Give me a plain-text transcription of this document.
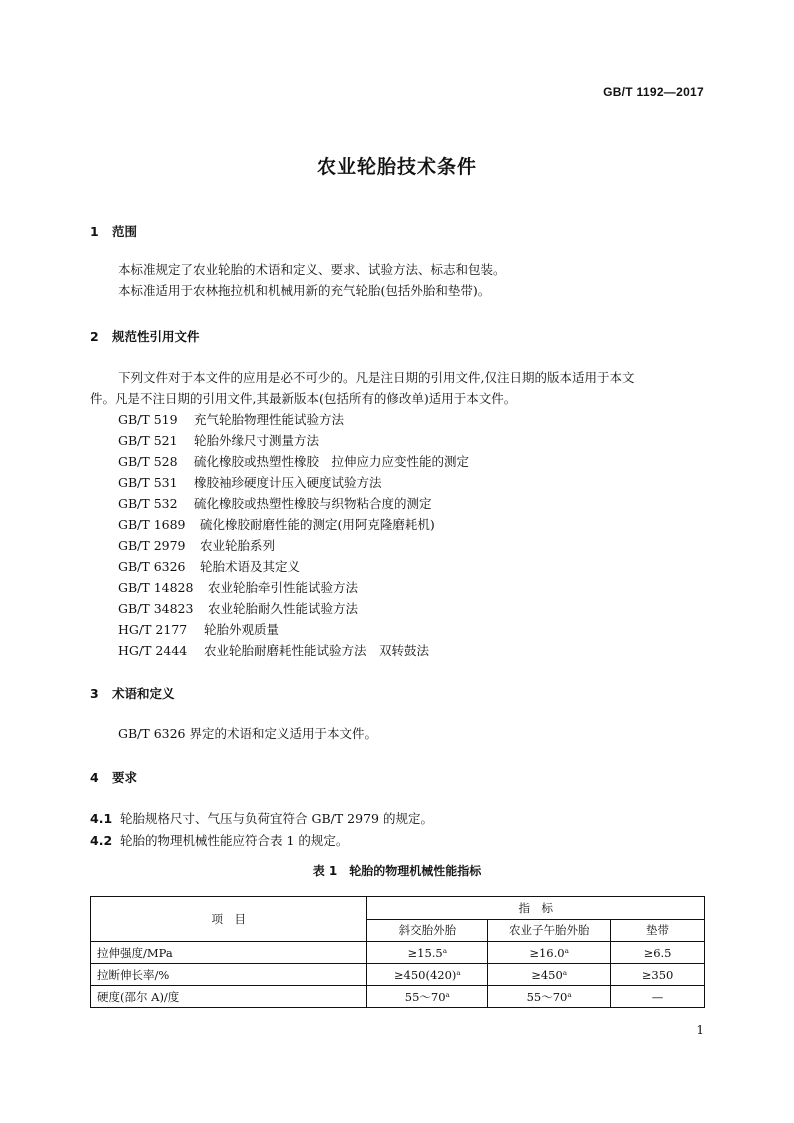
GB/T 1192—2017
农业轮胎技术条件
1 范围
本标准规定了农业轮胎的术语和定义、要求、试验方法、标志和包装。
本标准适用于农林拖拉机和机械用新的充气轮胎(包括外胎和垫带)。
2 规范性引用文件
下列文件对于本文件的应用是必不可少的。凡是注日期的引用文件,仅注日期的版本适用于本文
件。凡是不注日期的引用文件,其最新版本(包括所有的修改单)适用于本文件。
GB/T 519 充气轮胎物理性能试验方法
GB/T 521 轮胎外缘尺寸测量方法
GB/T 528 硫化橡胶或热塑性橡胶　拉伸应力应变性能的测定
GB/T 531 橡胶袖珍硬度计压入硬度试验方法
GB/T 532 硫化橡胶或热塑性橡胶与织物粘合度的测定
GB/T 1689 硫化橡胶耐磨性能的测定(用阿克隆磨耗机)
GB/T 2979 农业轮胎系列
GB/T 6326 轮胎术语及其定义
GB/T 14828 农业轮胎牵引性能试验方法
GB/T 34823 农业轮胎耐久性能试验方法
HG/T 2177 轮胎外观质量
HG/T 2444 农业轮胎耐磨耗性能试验方法　双转鼓法
3 术语和定义
GB/T 6326 界定的术语和定义适用于本文件。
4 要求
4.1 轮胎规格尺寸、气压与负荷宜符合 GB/T 2979 的规定。
4.2 轮胎的物理机械性能应符合表 1 的规定。
表 1　轮胎的物理机械性能指标
项　目	指　标		
	斜交胎外胎	农业子午胎外胎	垫带
拉伸强度/MPa	≥15.5ᵃ	≥16.0ᵃ	≥6.5
拉断伸长率/%	≥450(420)ᵃ	≥450ᵃ	≥350
硬度(邵尔 A)/度	55～70ᵃ	55～70ᵃ	—
1
